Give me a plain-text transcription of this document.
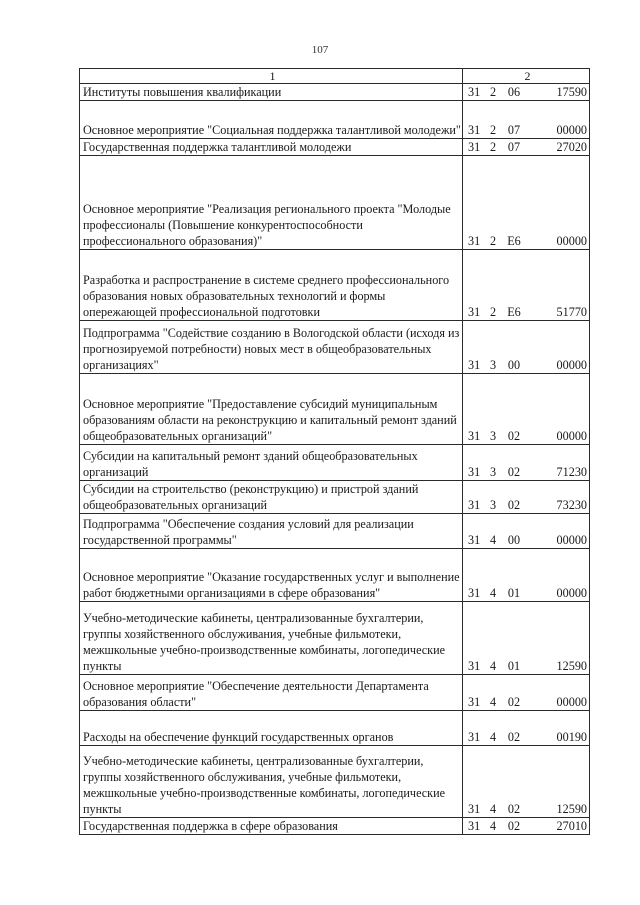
107
1	2
Институты повышения квалификации	31 2 06 17590

Основное мероприятие "Социальная поддержка талантливой молодежи"	31 2 07 00000

Государственная поддержка талантливой молодежи	31 2 07 27020

Основное мероприятие "Реализация регионального проекта "Молодые профессионалы (Повышение конкурентоспособности профессионального образования)"	31 2 Е6 00000

Разработка и распространение в системе среднего профессионального образования новых образовательных технологий и формы опережающей профессиональной подготовки	31 2 Е6 51770

Подпрограмма "Содействие созданию в Вологодской области (исходя из прогнозируемой потребности) новых мест в общеобразовательных организациях"	31 3 00 00000

Основное мероприятие "Предоставление субсидий муниципальным образованиям области на реконструкцию и капитальный ремонт зданий общеобразовательных организаций"	31 3 02 00000

Субсидии на капитальный ремонт зданий общеобразовательных организаций	31 3 02 71230

Субсидии на строительство (реконструкцию) и пристрой зданий общеобразовательных организаций	31 3 02 73230

Подпрограмма "Обеспечение создания условий для реализации государственной программы"	31 4 00 00000

Основное мероприятие "Оказание государственных услуг и выполнение работ бюджетными организациями в сфере образования"	31 4 01 00000

Учебно-методические кабинеты, централизованные бухгалтерии, группы хозяйственного обслуживания, учебные фильмотеки, межшкольные учебно-производственные комбинаты, логопедические пункты	31 4 01 12590

Основное мероприятие "Обеспечение деятельности Департамента образования области"	31 4 02 00000

Расходы на обеспечение функций государственных органов	31 4 02 00190

Учебно-методические кабинеты, централизованные бухгалтерии, группы хозяйственного обслуживания, учебные фильмотеки, межшкольные учебно-производственные комбинаты, логопедические пункты	31 4 02 12590

Государственная поддержка в сфере образования	31 4 02 27010
